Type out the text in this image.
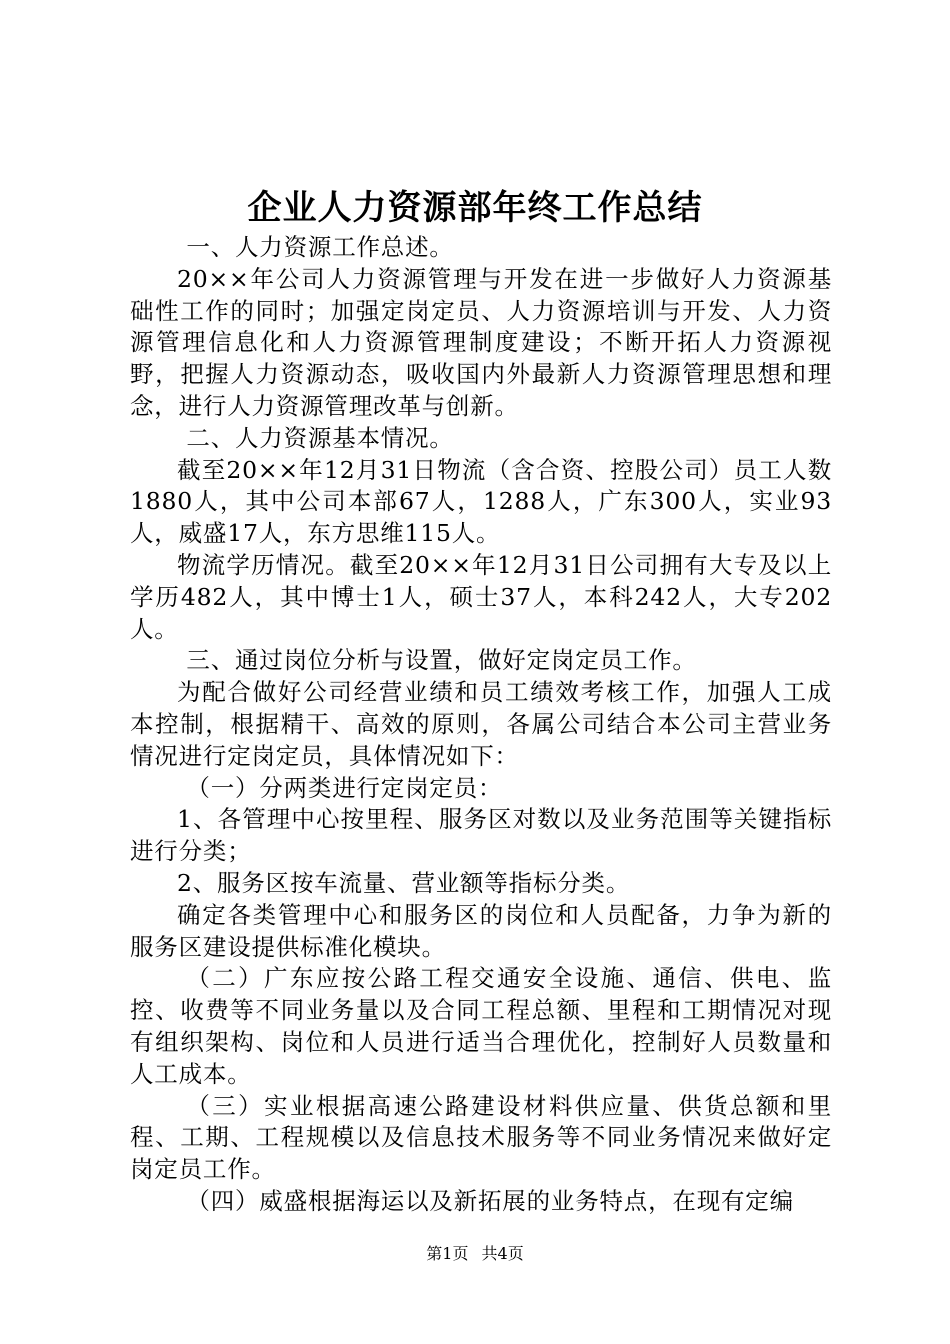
企业人力资源部年终工作总结

一、人力资源工作总述。

20××年公司人力资源管理与开发在进一步做好人力资源基础性工作的同时；加强定岗定员、人力资源培训与开发、人力资源管理信息化和人力资源管理制度建设；不断开拓人力资源视野，把握人力资源动态，吸收国内外最新人力资源管理思想和理念，进行人力资源管理改革与创新。

二、人力资源基本情况。

截至20××年12月31日物流（含合资、控股公司）员工人数1880人，其中公司本部67人，1288人，广东300人，实业93人，威盛17人，东方思维115人。

物流学历情况。截至20××年12月31日公司拥有大专及以上学历482人，其中博士1人，硕士37人，本科242人，大专202人。

三、通过岗位分析与设置，做好定岗定员工作。

为配合做好公司经营业绩和员工绩效考核工作，加强人工成本控制，根据精干、高效的原则，各属公司结合本公司主营业务情况进行定岗定员，具体情况如下：

（一）分两类进行定岗定员：

1、各管理中心按里程、服务区对数以及业务范围等关键指标进行分类；

2、服务区按车流量、营业额等指标分类。

确定各类管理中心和服务区的岗位和人员配备，力争为新的服务区建设提供标准化模块。

（二）广东应按公路工程交通安全设施、通信、供电、监控、收费等不同业务量以及合同工程总额、里程和工期情况对现有组织架构、岗位和人员进行适当合理优化，控制好人员数量和人工成本。

（三）实业根据高速公路建设材料供应量、供货总额和里程、工期、工程规模以及信息技术服务等不同业务情况来做好定岗定员工作。

（四）威盛根据海运以及新拓展的业务特点，在现有定编

第1页 共4页
